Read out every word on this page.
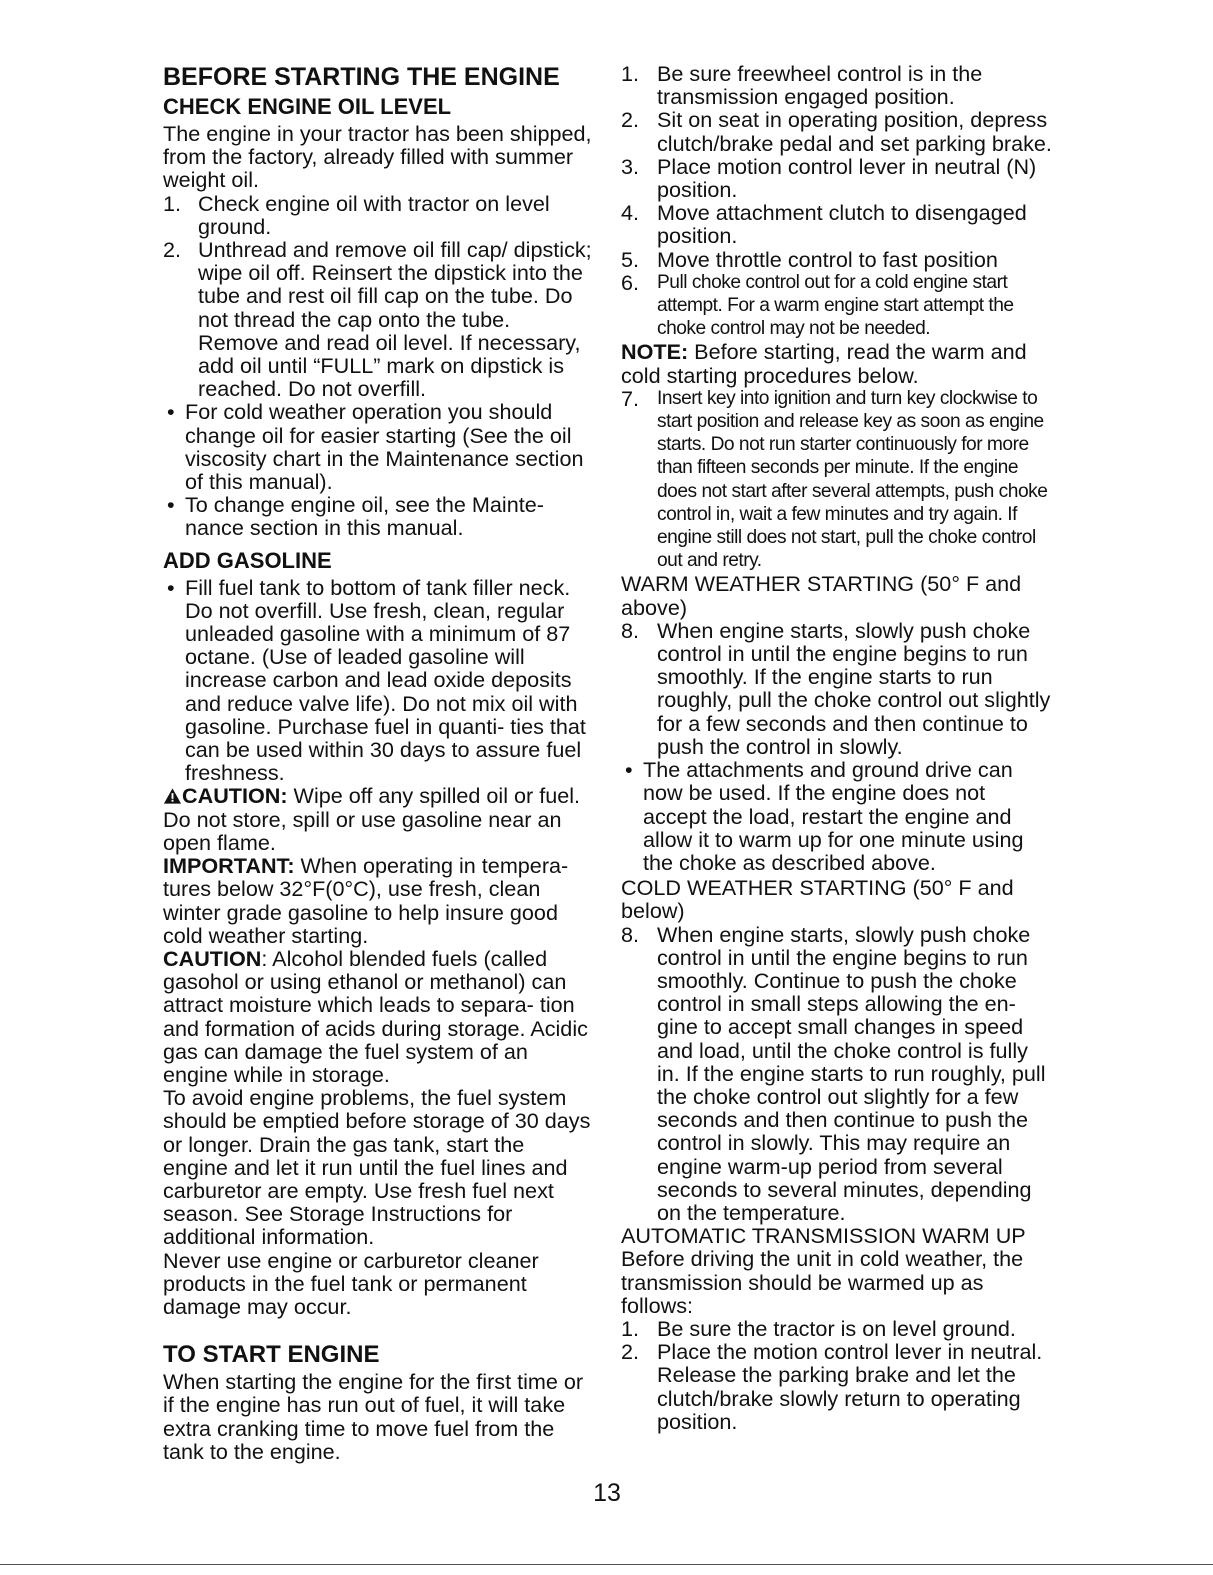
BEFORE STARTING THE ENGINE

CHECK ENGINE OIL LEVEL

The engine in your tractor has been shipped, from the factory, already filled with summer weight oil.

1. Check engine oil with tractor on level ground.
2. Unthread and remove oil fill cap/ dipstick; wipe oil off. Reinsert the dipstick into the tube and rest oil fill cap on the tube. Do not thread the cap onto the tube. Remove and read oil level. If necessary, add oil until “FULL” mark on dipstick is reached. Do not overfill.
• For cold weather operation you should change oil for easier starting (See the oil viscosity chart in the Maintenance section of this manual).
• To change engine oil, see the Mainte- nance section in this manual.

ADD GASOLINE

• Fill fuel tank to bottom of tank filler neck. Do not overfill. Use fresh, clean, regular unleaded gasoline with a minimum of 87 octane. (Use of leaded gasoline will increase carbon and lead oxide deposits and reduce valve life). Do not mix oil with gasoline. Purchase fuel in quanti- ties that can be used within 30 days to assure fuel freshness.

CAUTION: Wipe off any spilled oil or fuel. Do not store, spill or use gasoline near an open flame.

IMPORTANT: When operating in tempera- tures below 32°F(0°C), use fresh, clean winter grade gasoline to help insure good cold weather starting.

CAUTION: Alcohol blended fuels (called gasohol or using ethanol or methanol) can attract moisture which leads to separa- tion and formation of acids during storage. Acidic gas can damage the fuel system of an engine while in storage.

To avoid engine problems, the fuel system should be emptied before storage of 30 days or longer. Drain the gas tank, start the engine and let it run until the fuel lines and carburetor are empty. Use fresh fuel next season. See Storage Instructions for additional information.

Never use engine or carburetor cleaner products in the fuel tank or permanent damage may occur.

TO START ENGINE

When starting the engine for the first time or if the engine has run out of fuel, it will take extra cranking time to move fuel from the tank to the engine.

1. Be sure freewheel control is in the transmission engaged position.
2. Sit on seat in operating position, depress clutch/brake pedal and set parking brake.
3. Place motion control lever in neutral (N) position.
4. Move attachment clutch to disengaged position.
5. Move throttle control to fast position
6. Pull choke control out for a cold engine start attempt. For a warm engine start attempt the choke control may not be needed.

NOTE: Before starting, read the warm and cold starting procedures below.

7. Insert key into ignition and turn key clockwise to start position and release key as soon as engine starts. Do not run starter continuously for more than fifteen seconds per minute. If the engine does not start after several attempts, push choke control in, wait a few minutes and try again. If engine still does not start, pull the choke control out and retry.

WARM WEATHER STARTING (50° F and above)

8. When engine starts, slowly push choke control in until the engine begins to run smoothly. If the engine starts to run roughly, pull the choke control out slightly for a few seconds and then continue to push the control in slowly.
• The attachments and ground drive can now be used. If the engine does not accept the load, restart the engine and allow it to warm up for one minute using the choke as described above.

COLD WEATHER STARTING (50° F and below)

8. When engine starts, slowly push choke control in until the engine begins to run smoothly. Continue to push the choke control in small steps allowing the en- gine to accept small changes in speed and load, until the choke control is fully in. If the engine starts to run roughly, pull the choke control out slightly for a few seconds and then continue to push the control in slowly. This may require an engine warm-up period from several seconds to several minutes, depending on the temperature.

AUTOMATIC TRANSMISSION WARM UP

Before driving the unit in cold weather, the transmission should be warmed up as follows:

1. Be sure the tractor is on level ground.
2. Place the motion control lever in neutral. Release the parking brake and let the clutch/brake slowly return to operating position.
13
